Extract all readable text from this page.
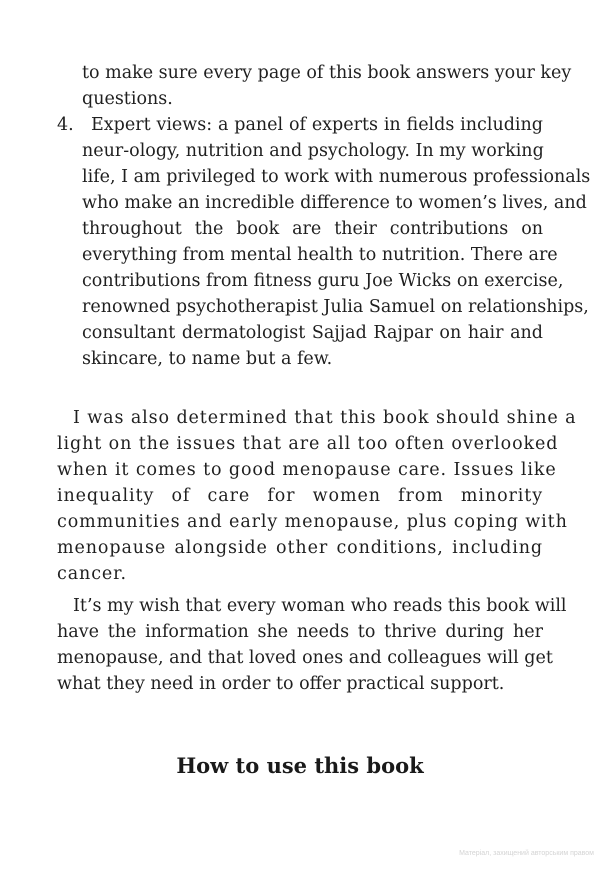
to make sure every page of this book answers your key
questions.
4. Expert views: a panel of experts in fields including
neur-ology, nutrition and psychology. In my working
life, I am privileged to work with numerous professionals
who make an incredible difference to women’s lives, and
throughout the book are their contributions on
everything from mental health to nutrition. There are
contributions from fitness guru Joe Wicks on exercise,
renowned psychotherapist Julia Samuel on relationships,
consultant dermatologist Sajjad Rajpar on hair and
skincare, to name but a few.
I was also determined that this book should shine a
light on the issues that are all too often overlooked
when it comes to good menopause care. Issues like
inequality of care for women from minority
communities and early menopause, plus coping with
menopause alongside other conditions, including
cancer.
It’s my wish that every woman who reads this book will
have the information she needs to thrive during her
menopause, and that loved ones and colleagues will get
what they need in order to offer practical support.
How to use this book
Матеріал, захищений авторським правом
